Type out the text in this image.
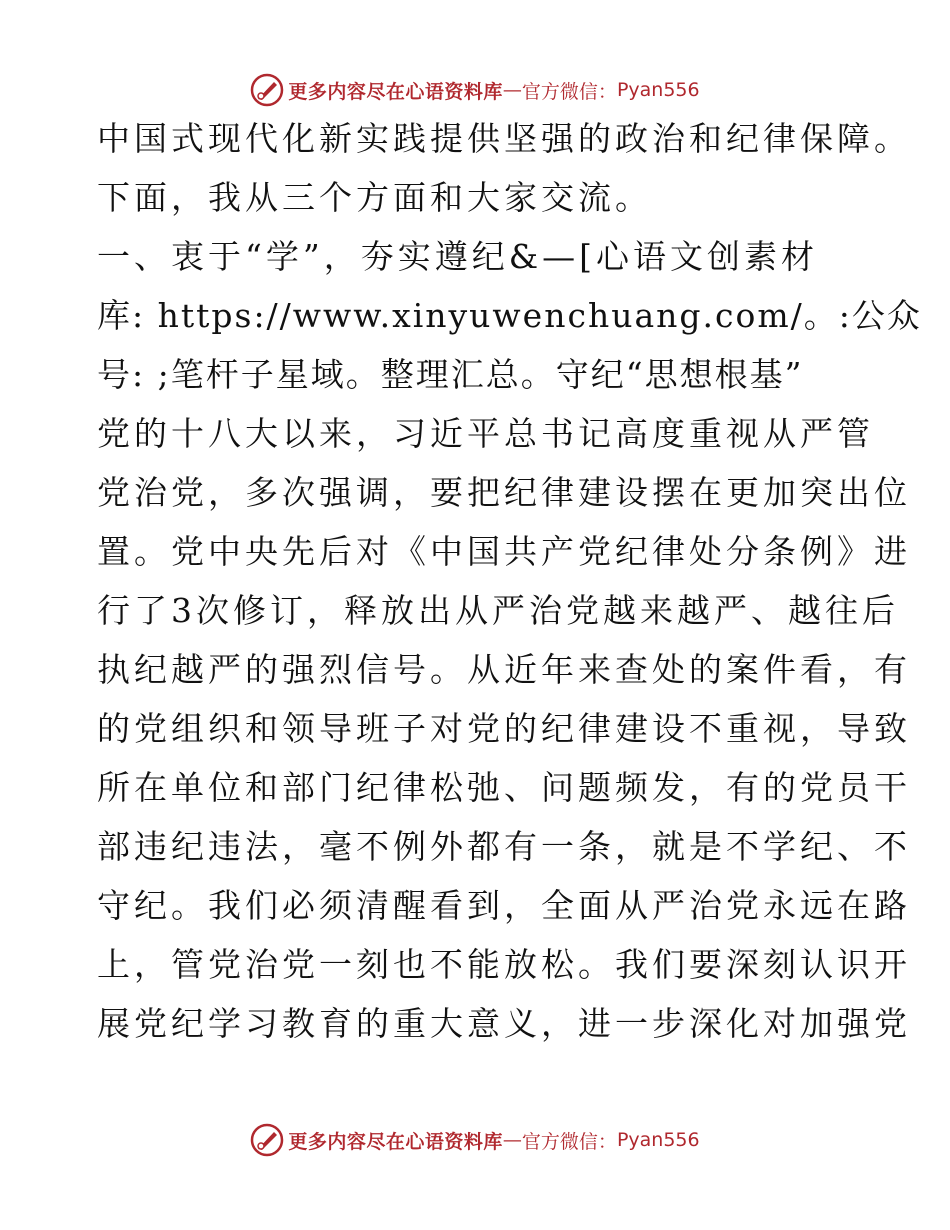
更多内容尽在心语资料库 — 官方微信： Pyan556
中国式现代化新实践提供坚强的政治和纪律保障。
下面，我从三个方面和大家交流。
一、衷于“学”，夯实遵纪&—[心语文创素材
库: https://www.xinyuwenchuang.com/。:公众
号: ;笔杆子星域。整理汇总。守纪“思想根基”
党的十八大以来，习近平总书记高度重视从严管
党治党，多次强调，要把纪律建设摆在更加突出位
置。党中央先后对《中国共产党纪律处分条例》进
行了3次修订，释放出从严治党越来越严、越往后
执纪越严的强烈信号。从近年来查处的案件看，有
的党组织和领导班子对党的纪律建设不重视，导致
所在单位和部门纪律松弛、问题频发，有的党员干
部违纪违法，毫不例外都有一条，就是不学纪、不
守纪。我们必须清醒看到，全面从严治党永远在路
上，管党治党一刻也不能放松。我们要深刻认识开
展党纪学习教育的重大意义，进一步深化对加强党
更多内容尽在心语资料库 — 官方微信： Pyan556
